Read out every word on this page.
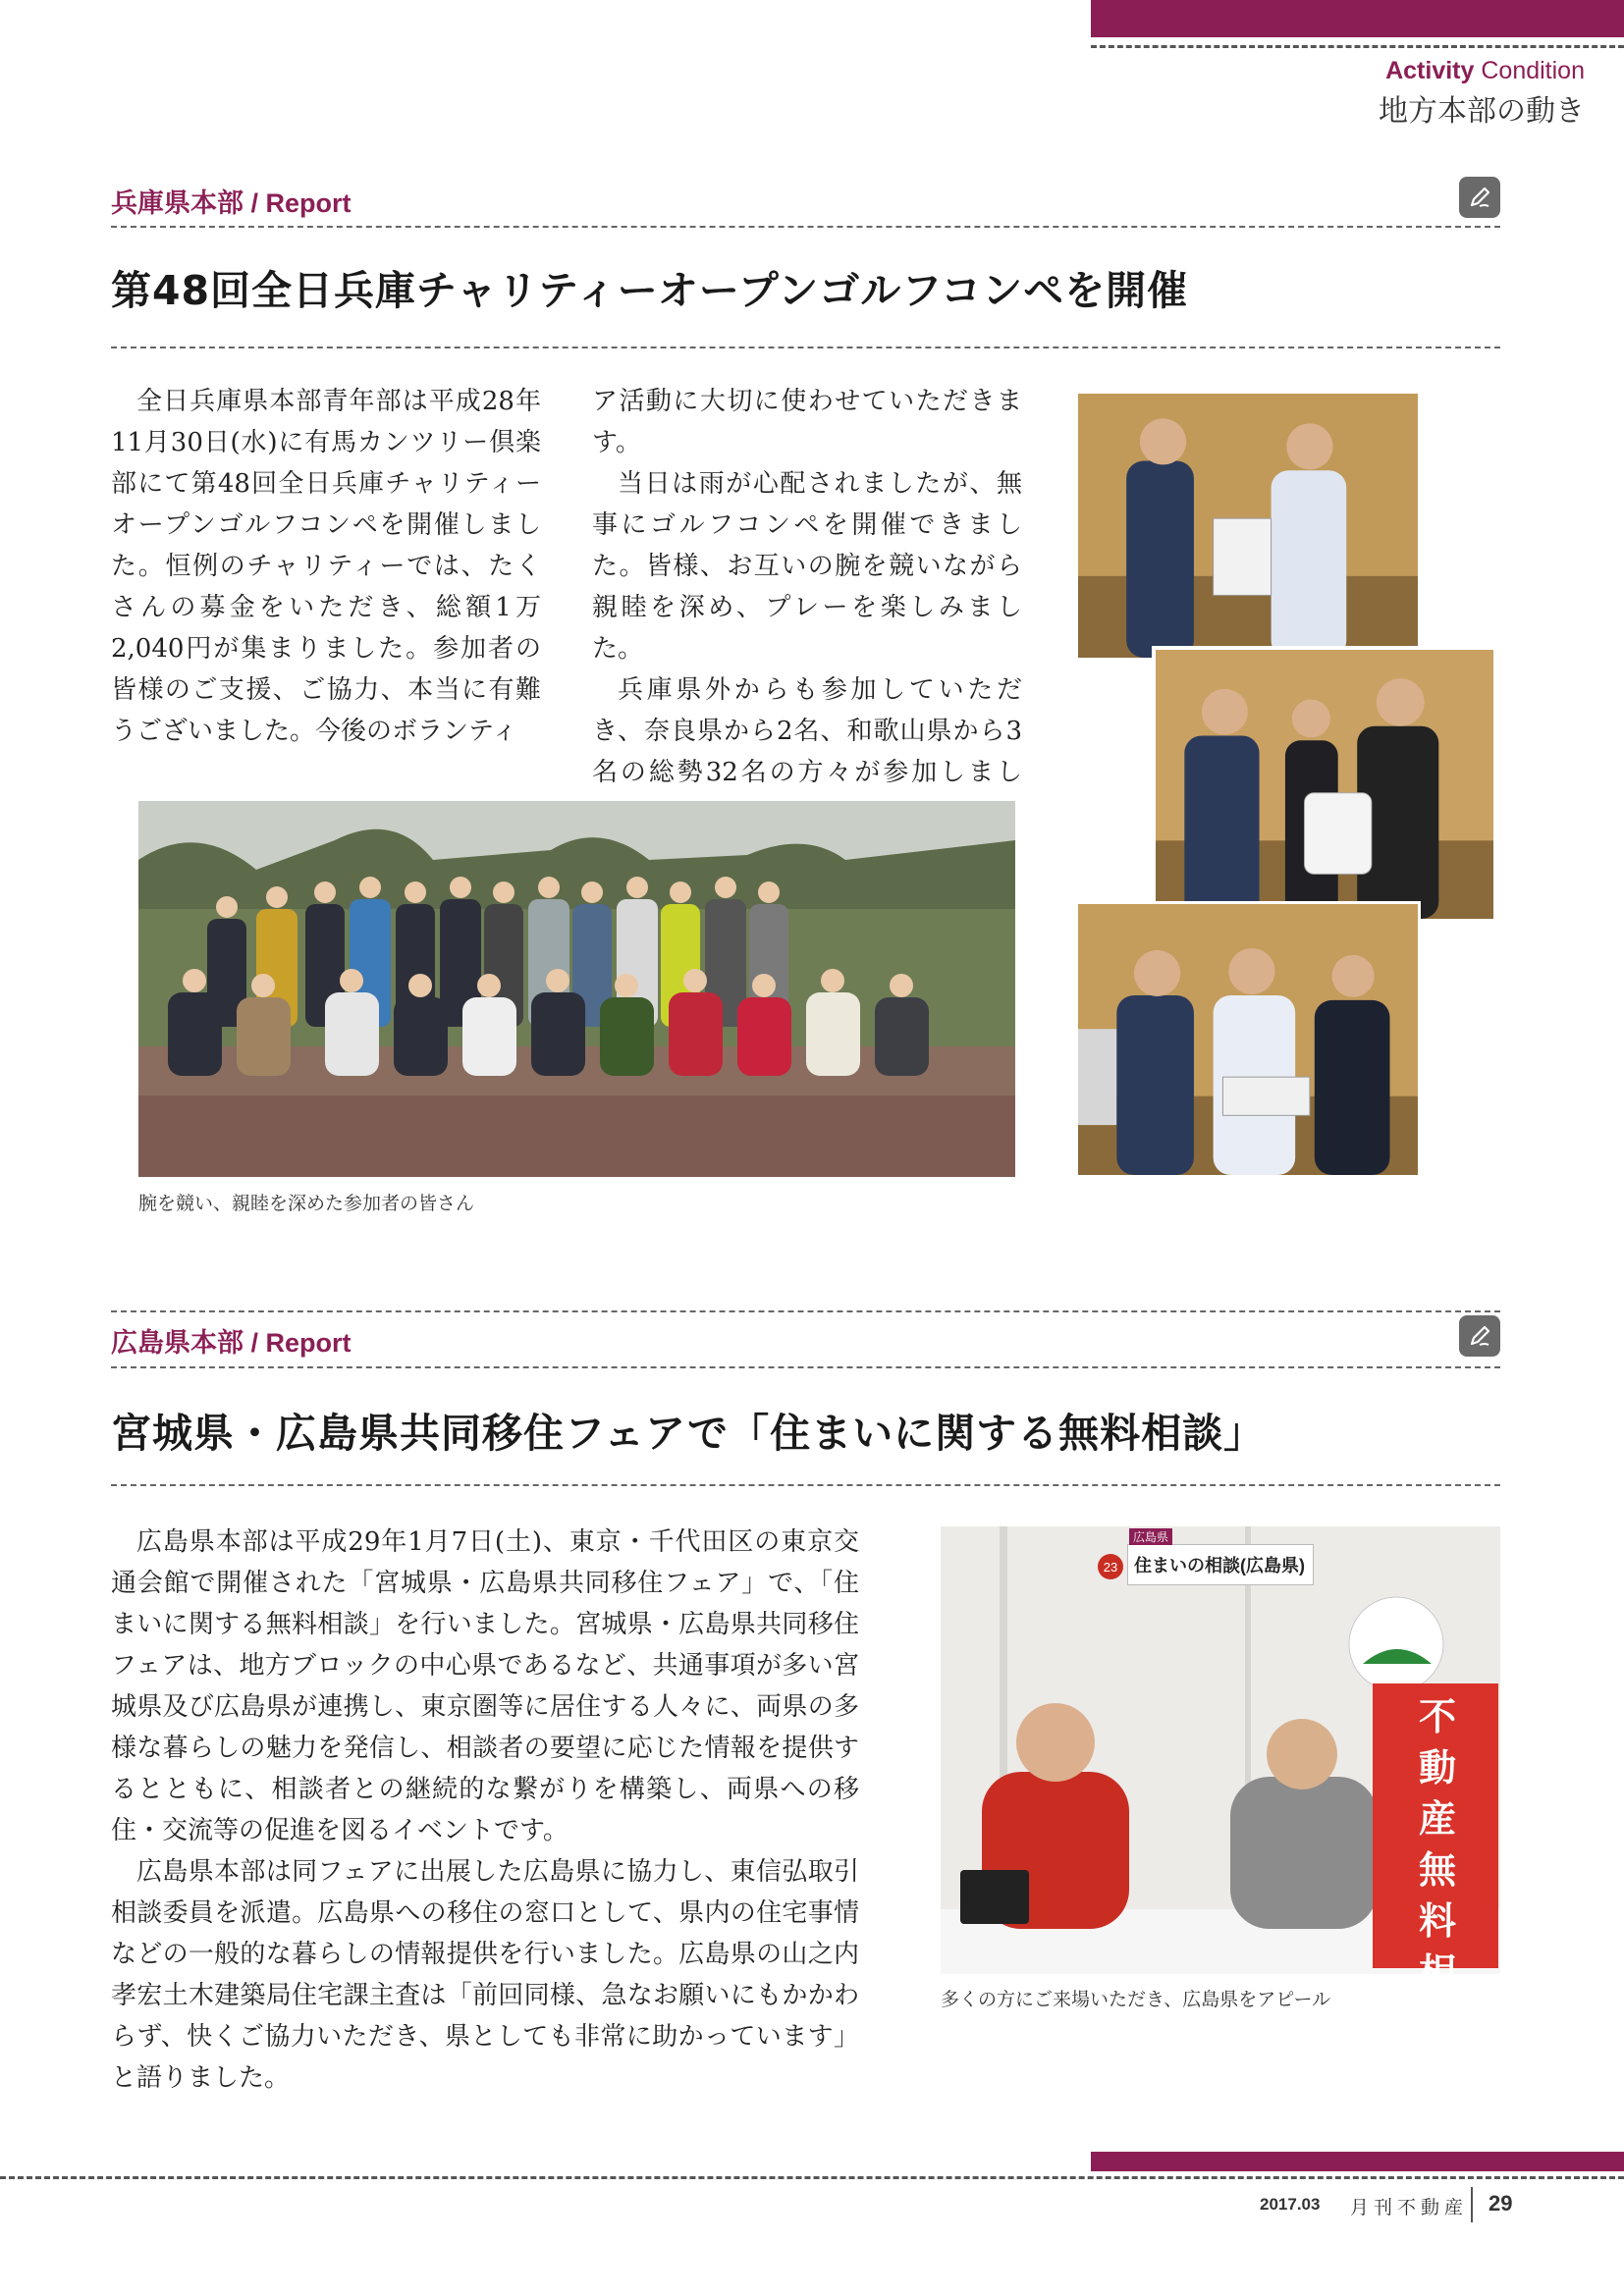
Activity Condition
地方本部の動き
兵庫県本部 / Report
第48回全日兵庫チャリティーオープンゴルフコンペを開催

全日兵庫県本部青年部は平成28年11月30日(水)に有馬カンツリー倶楽部にて第48回全日兵庫チャリティーオープンゴルフコンペを開催しました。恒例のチャリティーでは、たくさんの募金をいただき、総額1万2,040円が集まりました。参加者の皆様のご支援、ご協力、本当に有難うございました。今後のボランティ

ア活動に大切に使わせていただきます。

当日は雨が心配されましたが、無事にゴルフコンペを開催できました。皆様、お互いの腕を競いながら親睦を深め、プレーを楽しみました。

兵庫県外からも参加していただき、奈良県から2名、和歌山県から3名の総勢32名の方々が参加しまし

腕を競い、親睦を深めた参加者の皆さん
広島県本部 / Report
宮城県・広島県共同移住フェアで「住まいに関する無料相談」

広島県本部は平成29年1月7日(土)、東京・千代田区の東京交通会館で開催された「宮城県・広島県共同移住フェア」で、「住まいに関する無料相談」を行いました。宮城県・広島県共同移住フェアは、地方ブロックの中心県であるなど、共通事項が多い宮城県及び広島県が連携し、東京圏等に居住する人々に、両県の多様な暮らしの魅力を発信し、相談者の要望に応じた情報を提供するとともに、相談者との継続的な繋がりを構築し、両県への移住・交流等の促進を図るイベントです。

広島県本部は同フェアに出展した広島県に協力し、東信弘取引相談委員を派遣。広島県への移住の窓口として、県内の住宅事情などの一般的な暮らしの情報提供を行いました。広島県の山之内孝宏土木建築局住宅課主査は「前回同様、急なお願いにもかかわらず、快くご協力いただき、県としても非常に助かっています」と語りました。

住まいの相談(広島県)
広島県
23
不動産無料相談
多くの方にご来場いただき、広島県をアピール
2017.03 月刊不動産 29
